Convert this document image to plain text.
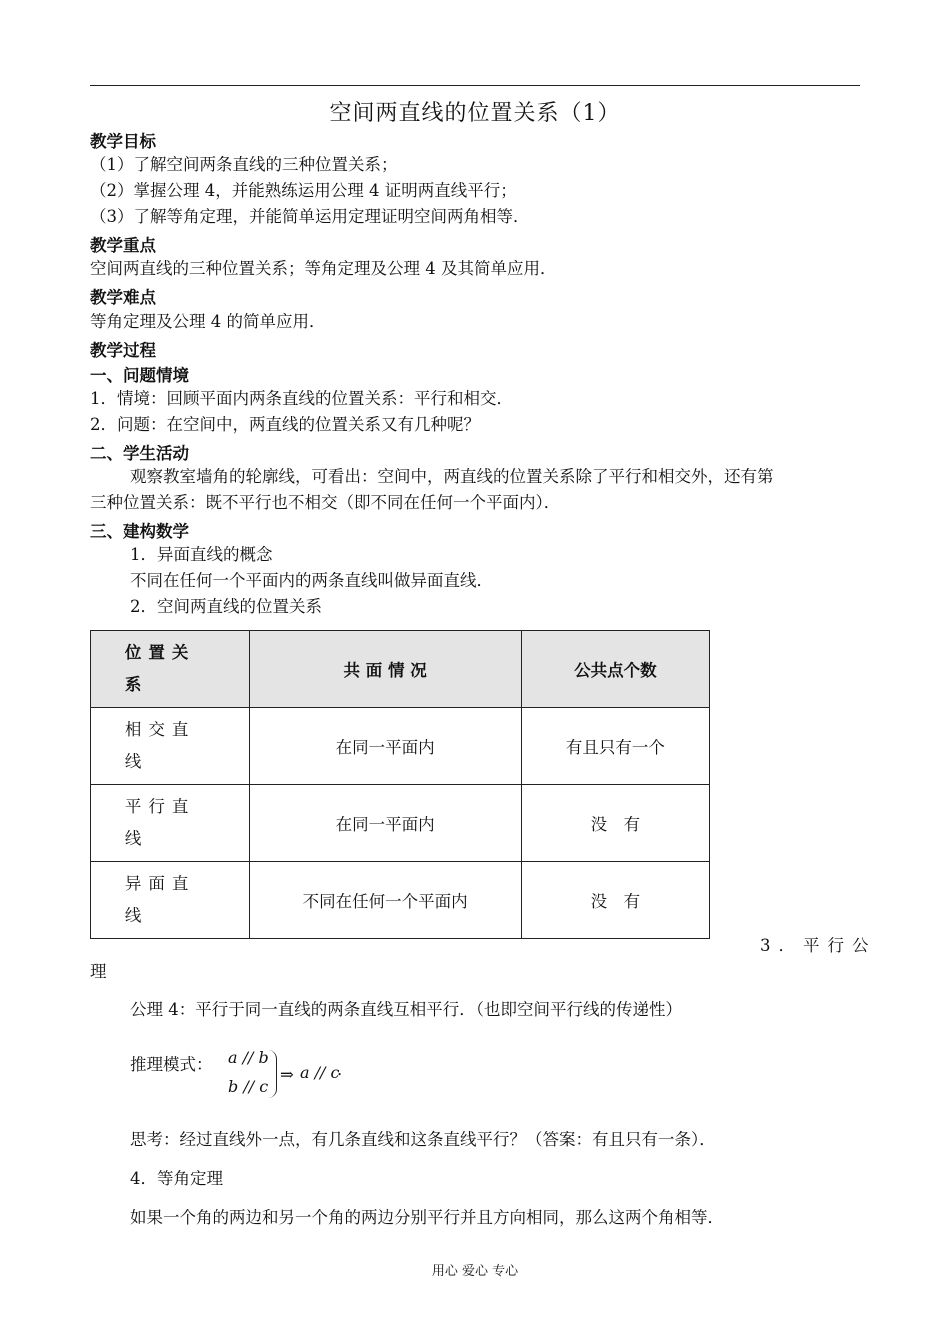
空间两直线的位置关系（1）
教学目标
（1）了解空间两条直线的三种位置关系；
（2）掌握公理 4，并能熟练运用公理 4 证明两直线平行；
（3）了解等角定理，并能简单运用定理证明空间两角相等．
教学重点
空间两直线的三种位置关系；等角定理及公理 4 及其简单应用．
教学难点
等角定理及公理 4 的简单应用．
教学过程
一、问题情境
1．情境：回顾平面内两条直线的位置关系：平行和相交．
2．问题：在空间中，两直线的位置关系又有几种呢？
二、学生活动
观察教室墙角的轮廓线，可看出：空间中，两直线的位置关系除了平行和相交外，还有第
三种位置关系：既不平行也不相交（即不同在任何一个平面内）．
三、建构数学
1．异面直线的概念
不同在任何一个平面内的两条直线叫做异面直线．
2．空间两直线的位置关系
位置关系	共 面 情 况	公共点个数
相交直线	在同一平面内	有且只有一个
平行直线	在同一平面内	没　有
异面直线	不同在任何一个平面内	没　有
3．平行公
理
公理 4：平行于同一直线的两条直线互相平行．（也即空间平行线的传递性）
推理模式： a // b
b // c
⇒ a // c
．
思考：经过直线外一点，有几条直线和这条直线平行？（答案：有且只有一条）．
4．等角定理
如果一个角的两边和另一个角的两边分别平行并且方向相同，那么这两个角相等．
用心 爱心 专心
